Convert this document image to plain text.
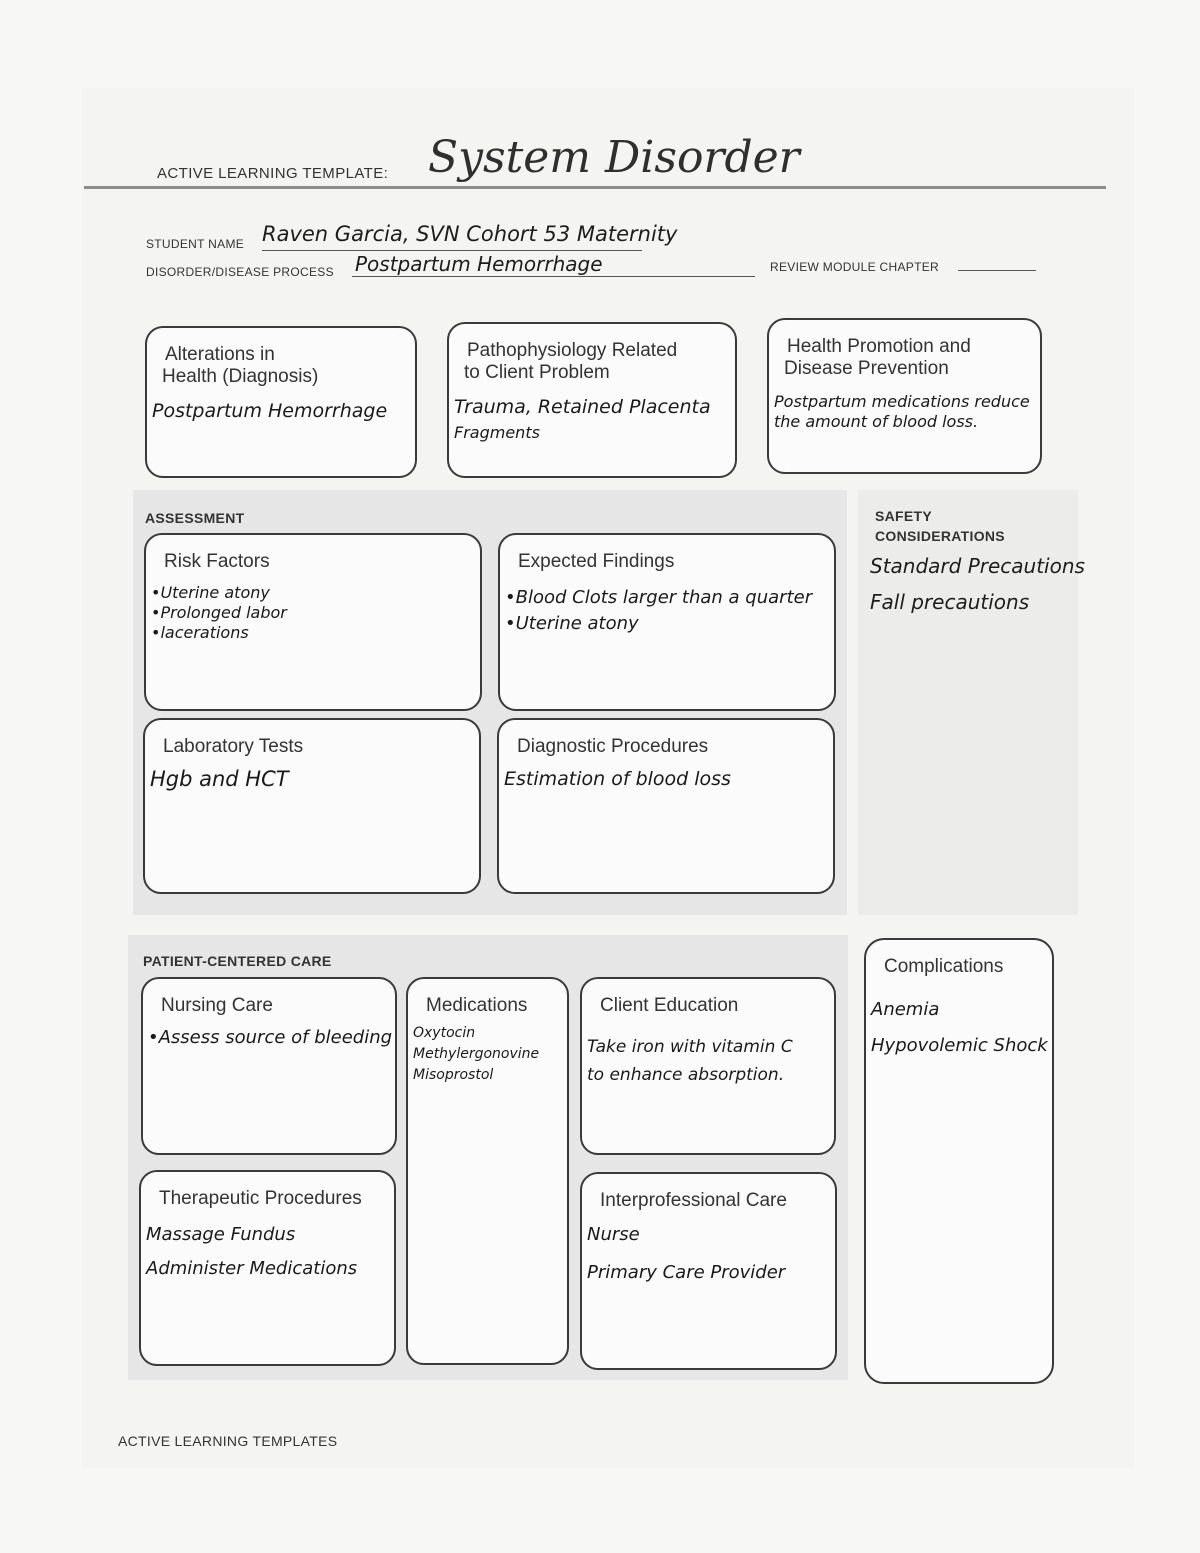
ACTIVE LEARNING TEMPLATE: System Disorder
STUDENT NAME Raven Garcia, SVN Cohort 53 Maternity
DISORDER/DISEASE PROCESS Postpartum Hemorrhage	REVIEW MODULE CHAPTER
Alterations in
Health (Diagnosis)
Postpartum Hemorrhage
Pathophysiology Related
to Client Problem
Trauma, Retained Placenta
Fragments
Health Promotion and
Disease Prevention
Postpartum medications reduce
the amount of blood loss.
ASSESSMENT
Risk Factors
•Uterine atony
•Prolonged labor
•lacerations
Expected Findings
•Blood Clots larger than a quarter
•Uterine atony
Laboratory Tests
Hgb and HCT
Diagnostic Procedures
Estimation of blood loss
SAFETY
CONSIDERATIONS
Standard Precautions
Fall precautions
PATIENT-CENTERED CARE
Nursing Care
•Assess source of bleeding
Medications
Oxytocin
Methylergonovine
Misoprostol
Client Education
Take iron with vitamin C
to enhance absorption.
Therapeutic Procedures
Massage Fundus
Administer Medications
Interprofessional Care
Nurse
Primary Care Provider
Complications
Anemia
Hypovolemic Shock
ACTIVE LEARNING TEMPLATES
